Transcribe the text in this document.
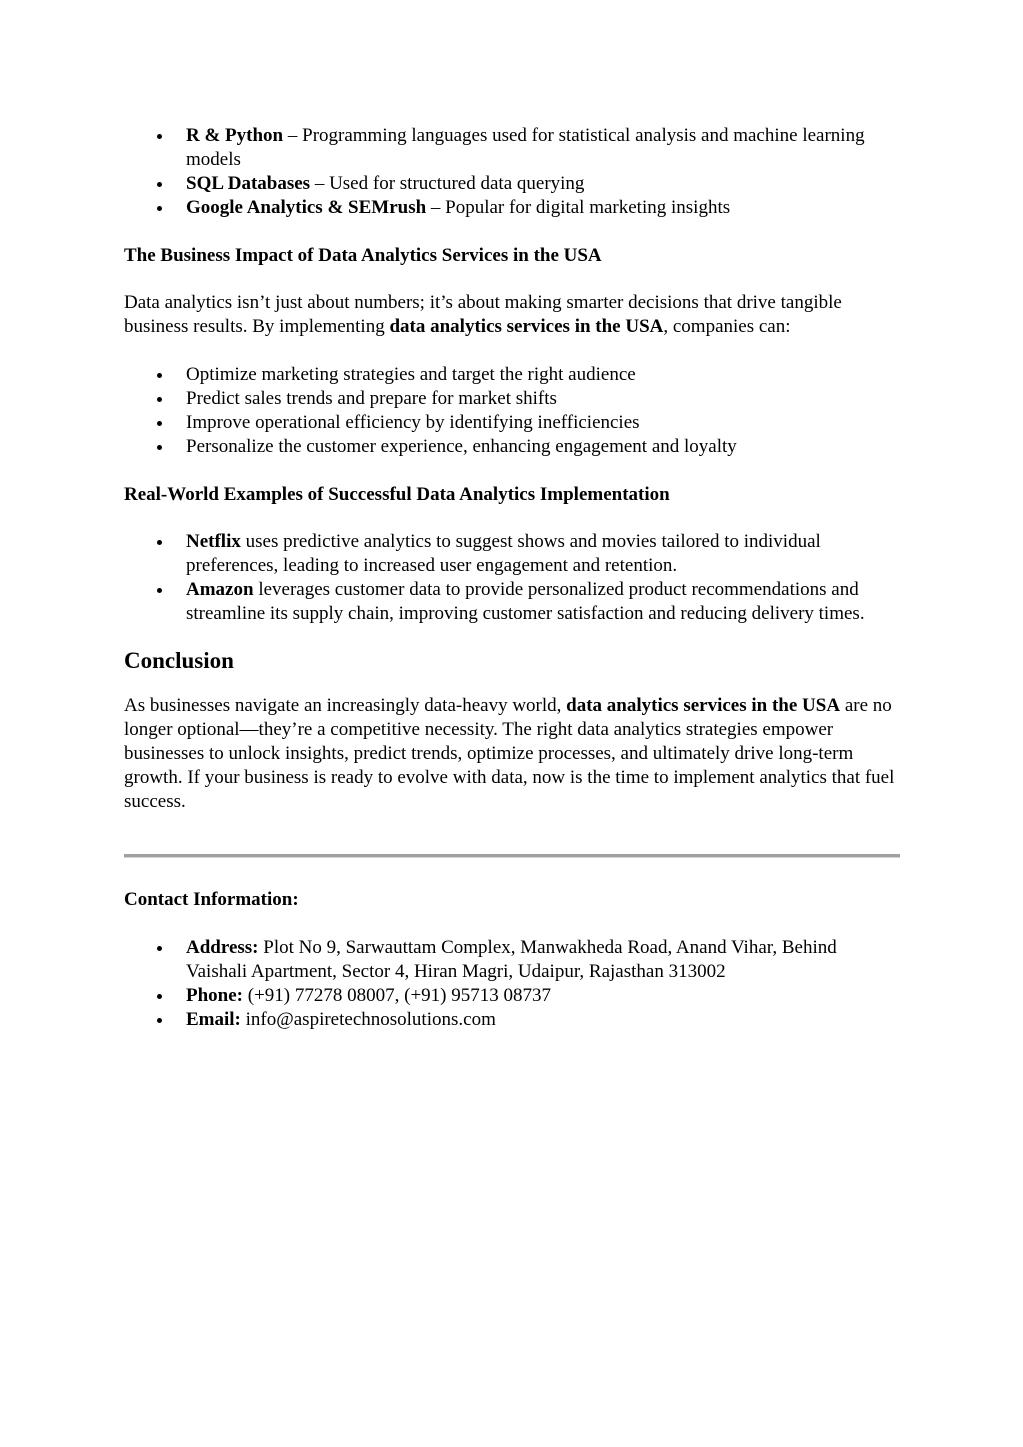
R & Python – Programming languages used for statistical analysis and machine learning models
SQL Databases – Used for structured data querying
Google Analytics & SEMrush – Popular for digital marketing insights
The Business Impact of Data Analytics Services in the USA

Data analytics isn’t just about numbers; it’s about making smarter decisions that drive tangible business results. By implementing data analytics services in the USA, companies can:

Optimize marketing strategies and target the right audience
Predict sales trends and prepare for market shifts
Improve operational efficiency by identifying inefficiencies
Personalize the customer experience, enhancing engagement and loyalty
Real-World Examples of Successful Data Analytics Implementation
Netflix uses predictive analytics to suggest shows and movies tailored to individual preferences, leading to increased user engagement and retention.
Amazon leverages customer data to provide personalized product recommendations and streamline its supply chain, improving customer satisfaction and reducing delivery times.
Conclusion

As businesses navigate an increasingly data-heavy world, data analytics services in the USA are no longer optional—they’re a competitive necessity. The right data analytics strategies empower businesses to unlock insights, predict trends, optimize processes, and ultimately drive long-term growth. If your business is ready to evolve with data, now is the time to implement analytics that fuel success.

Contact Information:
Address: Plot No 9, Sarwauttam Complex, Manwakheda Road, Anand Vihar, Behind Vaishali Apartment, Sector 4, Hiran Magri, Udaipur, Rajasthan 313002
Phone: (+91) 77278 08007, (+91) 95713 08737
Email: info@aspiretechnosolutions.com
